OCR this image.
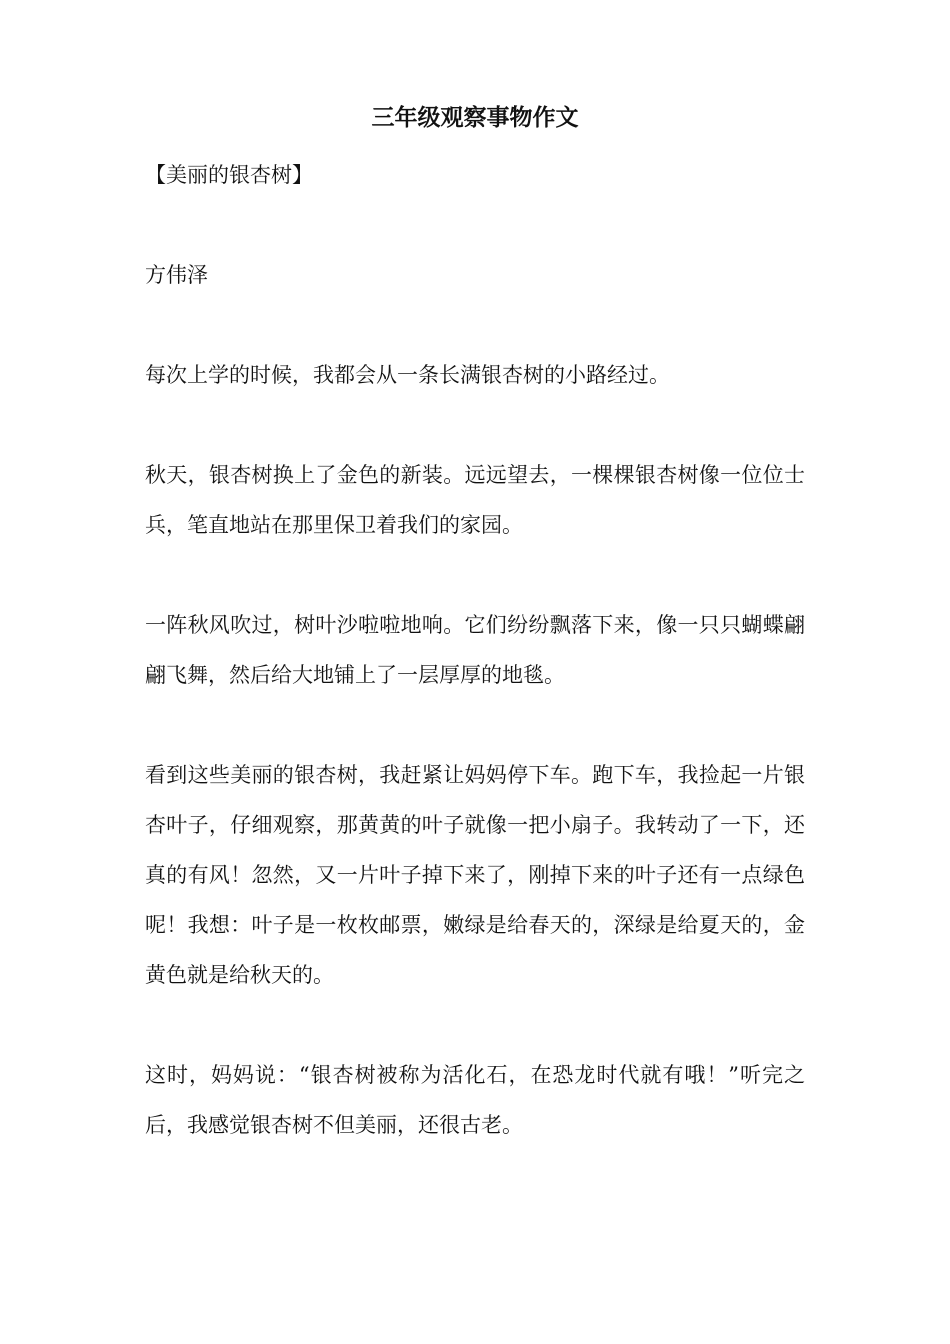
三年级观察事物作文

【美丽的银杏树】

方伟泽

每次上学的时候，我都会从一条长满银杏树的小路经过。

秋天，银杏树换上了金色的新装。远远望去，一棵棵银杏树像一位位士兵，笔直地站在那里保卫着我们的家园。

一阵秋风吹过，树叶沙啦啦地响。它们纷纷飘落下来，像一只只蝴蝶翩翩飞舞，然后给大地铺上了一层厚厚的地毯。

看到这些美丽的银杏树，我赶紧让妈妈停下车。跑下车，我捡起一片银杏叶子，仔细观察，那黄黄的叶子就像一把小扇子。我转动了一下，还真的有风！忽然，又一片叶子掉下来了，刚掉下来的叶子还有一点绿色呢！我想：叶子是一枚枚邮票，嫩绿是给春天的，深绿是给夏天的，金黄色就是给秋天的。

这时，妈妈说：“银杏树被称为活化石，在恐龙时代就有哦！”听完之后，我感觉银杏树不但美丽，还很古老。
